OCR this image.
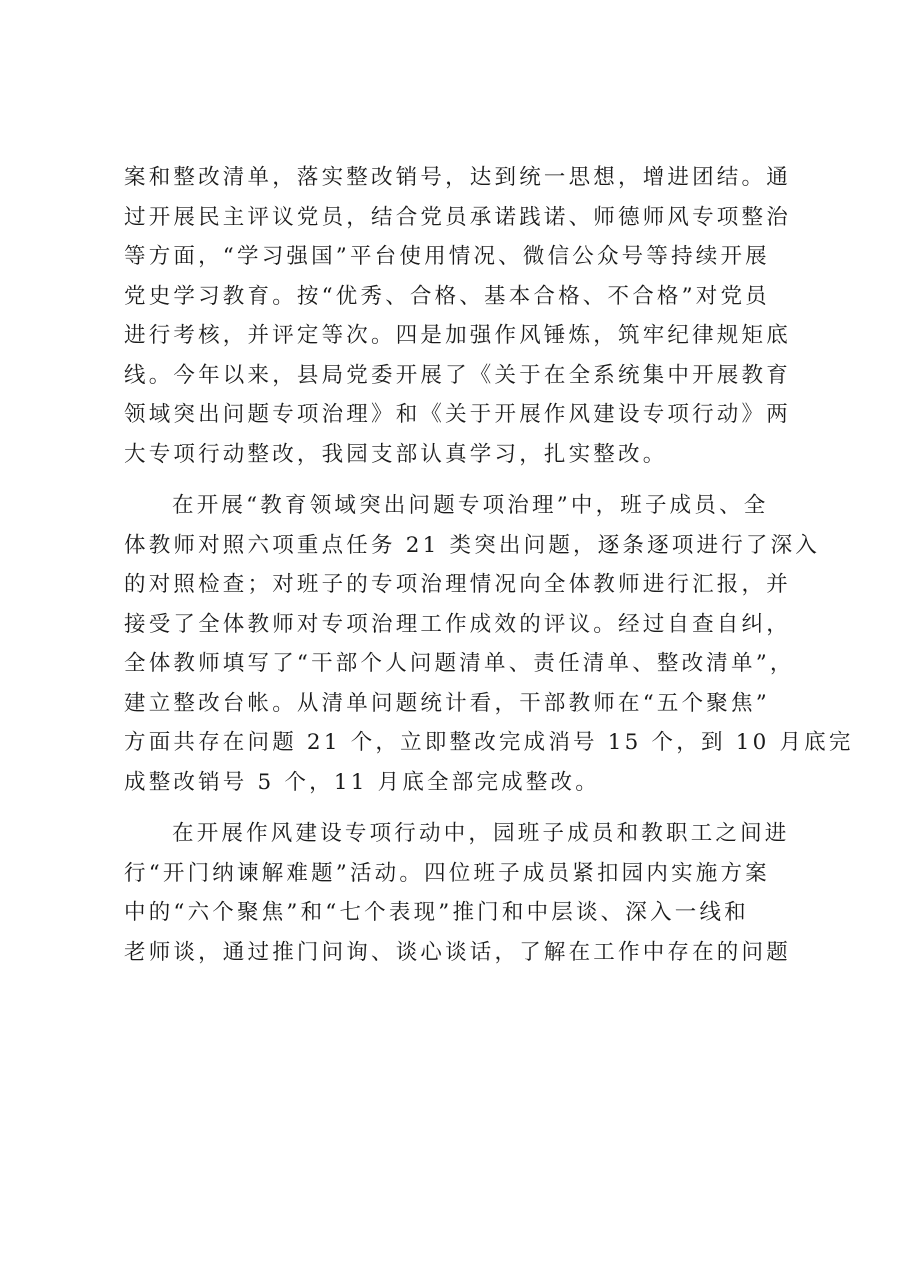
案和整改清单，落实整改销号，达到统一思想，增进团结。通
过开展民主评议党员，结合党员承诺践诺、师德师风专项整治
等方面，“学习强国”平台使用情况、微信公众号等持续开展
党史学习教育。按“优秀、合格、基本合格、不合格”对党员
进行考核，并评定等次。四是加强作风锤炼，筑牢纪律规矩底
线。今年以来，县局党委开展了《关于在全系统集中开展教育
领域突出问题专项治理》和《关于开展作风建设专项行动》两
大专项行动整改，我园支部认真学习，扎实整改。
在开展“教育领域突出问题专项治理”中，班子成员、全
体教师对照六项重点任务 21 类突出问题，逐条逐项进行了深入
的对照检查；对班子的专项治理情况向全体教师进行汇报，并
接受了全体教师对专项治理工作成效的评议。经过自查自纠，
全体教师填写了“干部个人问题清单、责任清单、整改清单”，
建立整改台帐。从清单问题统计看，干部教师在“五个聚焦”
方面共存在问题 21 个，立即整改完成消号 15 个，到 10 月底完
成整改销号 5 个，11 月底全部完成整改。
在开展作风建设专项行动中，园班子成员和教职工之间进
行“开门纳谏解难题”活动。四位班子成员紧扣园内实施方案
中的“六个聚焦”和“七个表现”推门和中层谈、深入一线和
老师谈，通过推门问询、谈心谈话，了解在工作中存在的问题
